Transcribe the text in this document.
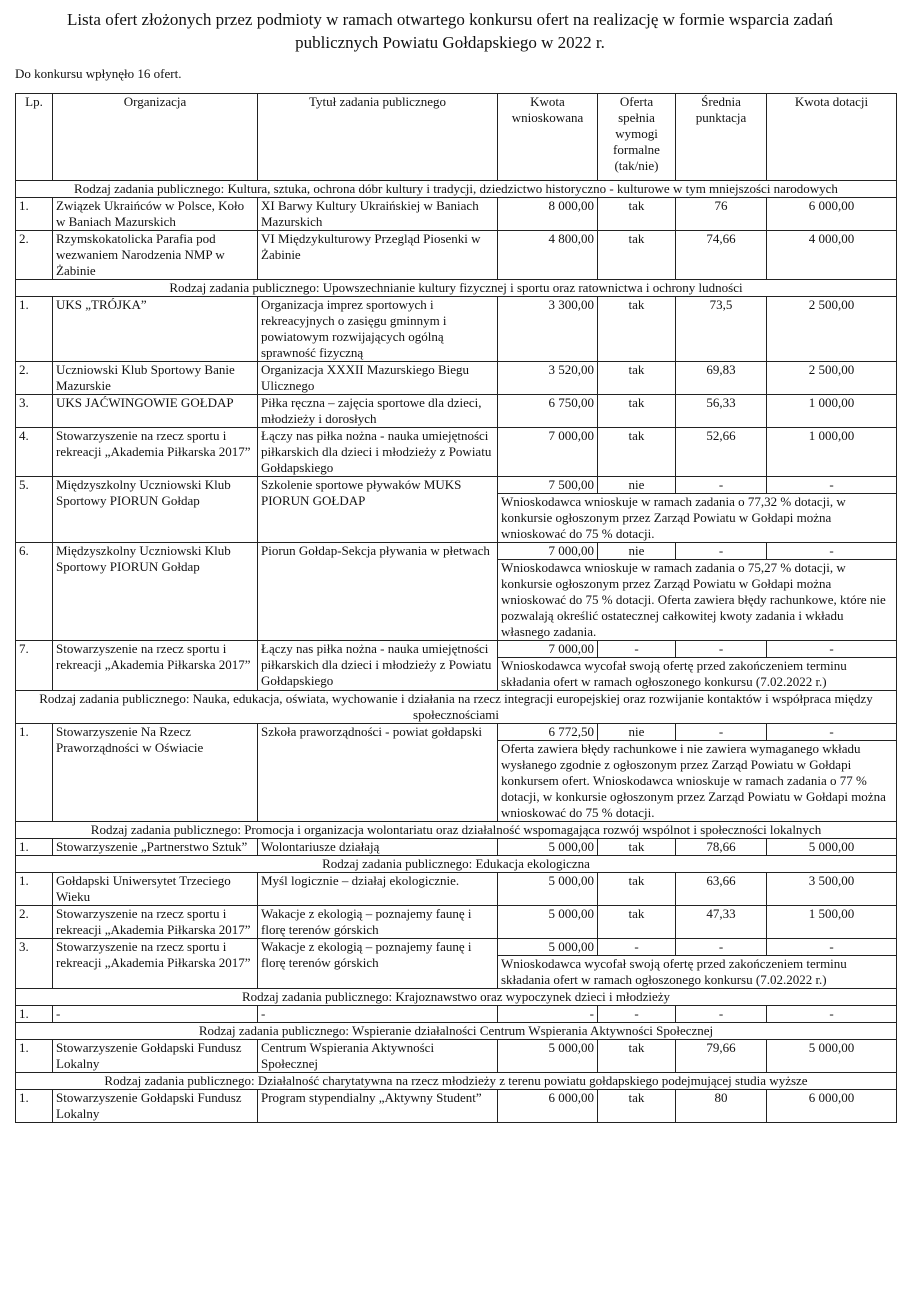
Lista ofert złożonych przez podmioty w ramach otwartego konkursu ofert na realizację w formie wsparcia zadań
publicznych Powiatu Gołdapskiego w 2022 r.
Do konkursu wpłynęło 16 ofert.
Lp.	Organizacja	Tytuł zadania publicznego	Kwota wnioskowana	Oferta spełnia wymogi formalne (tak/nie)	Średnia punktacja	Kwota dotacji
Rodzaj zadania publicznego: Kultura, sztuka, ochrona dóbr kultury i tradycji, dziedzictwo historyczno - kulturowe w tym mniejszości narodowych						
1.	Związek Ukraińców w Polsce, Koło w Baniach Mazurskich	XI Barwy Kultury Ukraińskiej w Baniach Mazurskich	8 000,00	tak	76	6 000,00
2.	Rzymskokatolicka Parafia pod wezwaniem Narodzenia NMP w Żabinie	VI Międzykulturowy Przegląd Piosenki w Żabinie	4 800,00	tak	74,66	4 000,00
Rodzaj zadania publicznego: Upowszechnianie kultury fizycznej i sportu oraz ratownictwa i ochrony ludności						
1.	UKS „TRÓJKA”	Organizacja imprez sportowych i rekreacyjnych o zasięgu gminnym i powiatowym rozwijających ogólną sprawność fizyczną	3 300,00	tak	73,5	2 500,00
2.	Uczniowski Klub Sportowy Banie Mazurskie	Organizacja XXXII Mazurskiego Biegu Ulicznego	3 520,00	tak	69,83	2 500,00
3.	UKS JAĆWINGOWIE GOŁDAP	Piłka ręczna – zajęcia sportowe dla dzieci, młodzieży i dorosłych	6 750,00	tak	56,33	1 000,00
4.	Stowarzyszenie na rzecz sportu i rekreacji „Akademia Piłkarska 2017”	Łączy nas piłka nożna - nauka umiejętności piłkarskich dla dzieci i młodzieży z Powiatu Gołdapskiego	7 000,00	tak	52,66	1 000,00
5.	Międzyszkolny Uczniowski Klub Sportowy PIORUN Gołdap	Szkolenie sportowe pływaków MUKS PIORUN GOŁDAP	7 500,00	nie	-	-
			Wnioskodawca wnioskuje w ramach zadania o 77,32 % dotacji, w konkursie ogłoszonym przez Zarząd Powiatu w Gołdapi można wnioskować do 75 % dotacji.			
6.	Międzyszkolny Uczniowski Klub Sportowy PIORUN Gołdap	Piorun Gołdap-Sekcja pływania w płetwach	7 000,00	nie	-	-
			Wnioskodawca wnioskuje w ramach zadania o 75,27 % dotacji, w konkursie ogłoszonym przez Zarząd Powiatu w Gołdapi można wnioskować do 75 % dotacji. Oferta zawiera błędy rachunkowe, które nie pozwalają określić ostatecznej całkowitej kwoty zadania i wkładu własnego zadania.			
7.	Stowarzyszenie na rzecz sportu i rekreacji „Akademia Piłkarska 2017”	Łączy nas piłka nożna - nauka umiejętności piłkarskich dla dzieci i młodzieży z Powiatu Gołdapskiego	7 000,00	-	-	-
			Wnioskodawca wycofał swoją ofertę przed zakończeniem terminu składania ofert w ramach ogłoszonego konkursu (7.02.2022 r.)			
Rodzaj zadania publicznego: Nauka, edukacja, oświata, wychowanie i działania na rzecz integracji europejskiej oraz rozwijanie kontaktów i współpraca między społecznościami						
1.	Stowarzyszenie Na Rzecz Praworządności w Oświacie	Szkoła praworządności - powiat gołdapski	6 772,50	nie	-	-
			Oferta zawiera błędy rachunkowe i nie zawiera wymaganego wkładu wysłanego zgodnie z ogłoszonym przez Zarząd Powiatu w Gołdapi konkursem ofert. Wnioskodawca wnioskuje w ramach zadania o 77 % dotacji, w konkursie ogłoszonym przez Zarząd Powiatu w Gołdapi można wnioskować do 75 % dotacji.			
Rodzaj zadania publicznego: Promocja i organizacja wolontariatu oraz działalność wspomagająca rozwój wspólnot i społeczności lokalnych						
1.	Stowarzyszenie „Partnerstwo Sztuk”	Wolontariusze działają	5 000,00	tak	78,66	5 000,00
Rodzaj zadania publicznego: Edukacja ekologiczna						
1.	Gołdapski Uniwersytet Trzeciego Wieku	Myśl logicznie – działaj ekologicznie.	5 000,00	tak	63,66	3 500,00
2.	Stowarzyszenie na rzecz sportu i rekreacji „Akademia Piłkarska 2017”	Wakacje z ekologią – poznajemy faunę i florę terenów górskich	5 000,00	tak	47,33	1 500,00
3.	Stowarzyszenie na rzecz sportu i rekreacji „Akademia Piłkarska 2017”	Wakacje z ekologią – poznajemy faunę i florę terenów górskich	5 000,00	-	-	-
			Wnioskodawca wycofał swoją ofertę przed zakończeniem terminu składania ofert w ramach ogłoszonego konkursu (7.02.2022 r.)			
Rodzaj zadania publicznego: Krajoznawstwo oraz wypoczynek dzieci i młodzieży						
1.	-	-	-	-	-	-
Rodzaj zadania publicznego: Wspieranie działalności Centrum Wspierania Aktywności Społecznej						
1.	Stowarzyszenie Gołdapski Fundusz Lokalny	Centrum Wspierania Aktywności Społecznej	5 000,00	tak	79,66	5 000,00
Rodzaj zadania publicznego: Działalność charytatywna na rzecz młodzieży z terenu powiatu gołdapskiego podejmującej studia wyższe						
1.	Stowarzyszenie Gołdapski Fundusz Lokalny	Program stypendialny „Aktywny Student”	6 000,00	tak	80	6 000,00
